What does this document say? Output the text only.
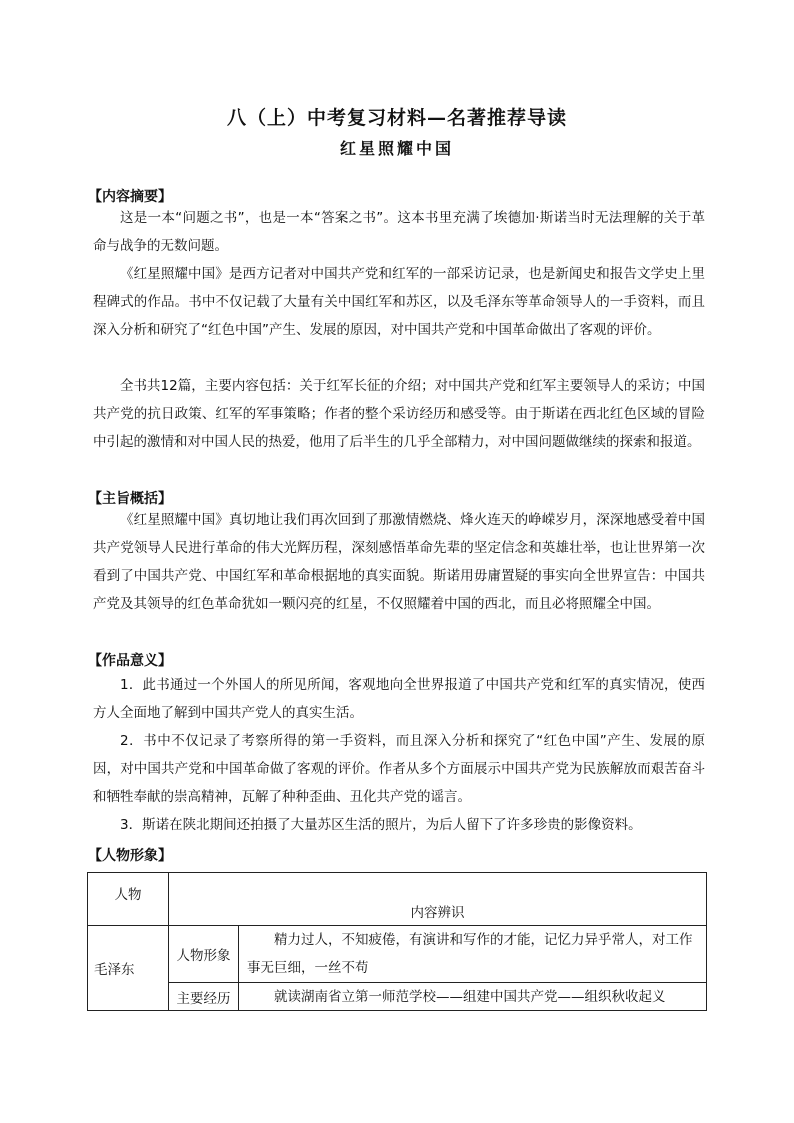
八（上）中考复习材料—名著推荐导读
红星照耀中国
【内容摘要】
这是一本“问题之书”，也是一本“答案之书”。这本书里充满了埃德加·斯诺当时无法理解的关于革命与战争的无数问题。
《红星照耀中国》是西方记者对中国共产党和红军的一部采访记录，也是新闻史和报告文学史上里程碑式的作品。书中不仅记载了大量有关中国红军和苏区，以及毛泽东等革命领导人的一手资料，而且深入分析和研究了“红色中国”产生、发展的原因，对中国共产党和中国革命做出了客观的评价。
全书共12篇，主要内容包括：关于红军长征的介绍；对中国共产党和红军主要领导人的采访；中国共产党的抗日政策、红军的军事策略；作者的整个采访经历和感受等。由于斯诺在西北红色区域的冒险中引起的激情和对中国人民的热爱，他用了后半生的几乎全部精力，对中国问题做继续的探索和报道。
【主旨概括】
《红星照耀中国》真切地让我们再次回到了那激情燃烧、烽火连天的峥嵘岁月，深深地感受着中国共产党领导人民进行革命的伟大光辉历程，深刻感悟革命先辈的坚定信念和英雄壮举，也让世界第一次看到了中国共产党、中国红军和革命根据地的真实面貌。斯诺用毋庸置疑的事实向全世界宣告：中国共产党及其领导的红色革命犹如一颗闪亮的红星，不仅照耀着中国的西北，而且必将照耀全中国。
【作品意义】
1．此书通过一个外国人的所见所闻，客观地向全世界报道了中国共产党和红军的真实情况，使西方人全面地了解到中国共产党人的真实生活。
2．书中不仅记录了考察所得的第一手资料，而且深入分析和探究了“红色中国”产生、发展的原因，对中国共产党和中国革命做了客观的评价。作者从多个方面展示中国共产党为民族解放而艰苦奋斗和牺牲奉献的崇高精神，瓦解了种种歪曲、丑化共产党的谣言。
3．斯诺在陕北期间还拍摄了大量苏区生活的照片，为后人留下了许多珍贵的影像资料。
【人物形象】
人物	内容辨识	
毛泽东	人物形象	精力过人，不知疲倦，有演讲和写作的才能，记忆力异乎常人，对工作事无巨细，一丝不苟
	主要经历	就读湖南省立第一师范学校——组建中国共产党——组织秋收起义
